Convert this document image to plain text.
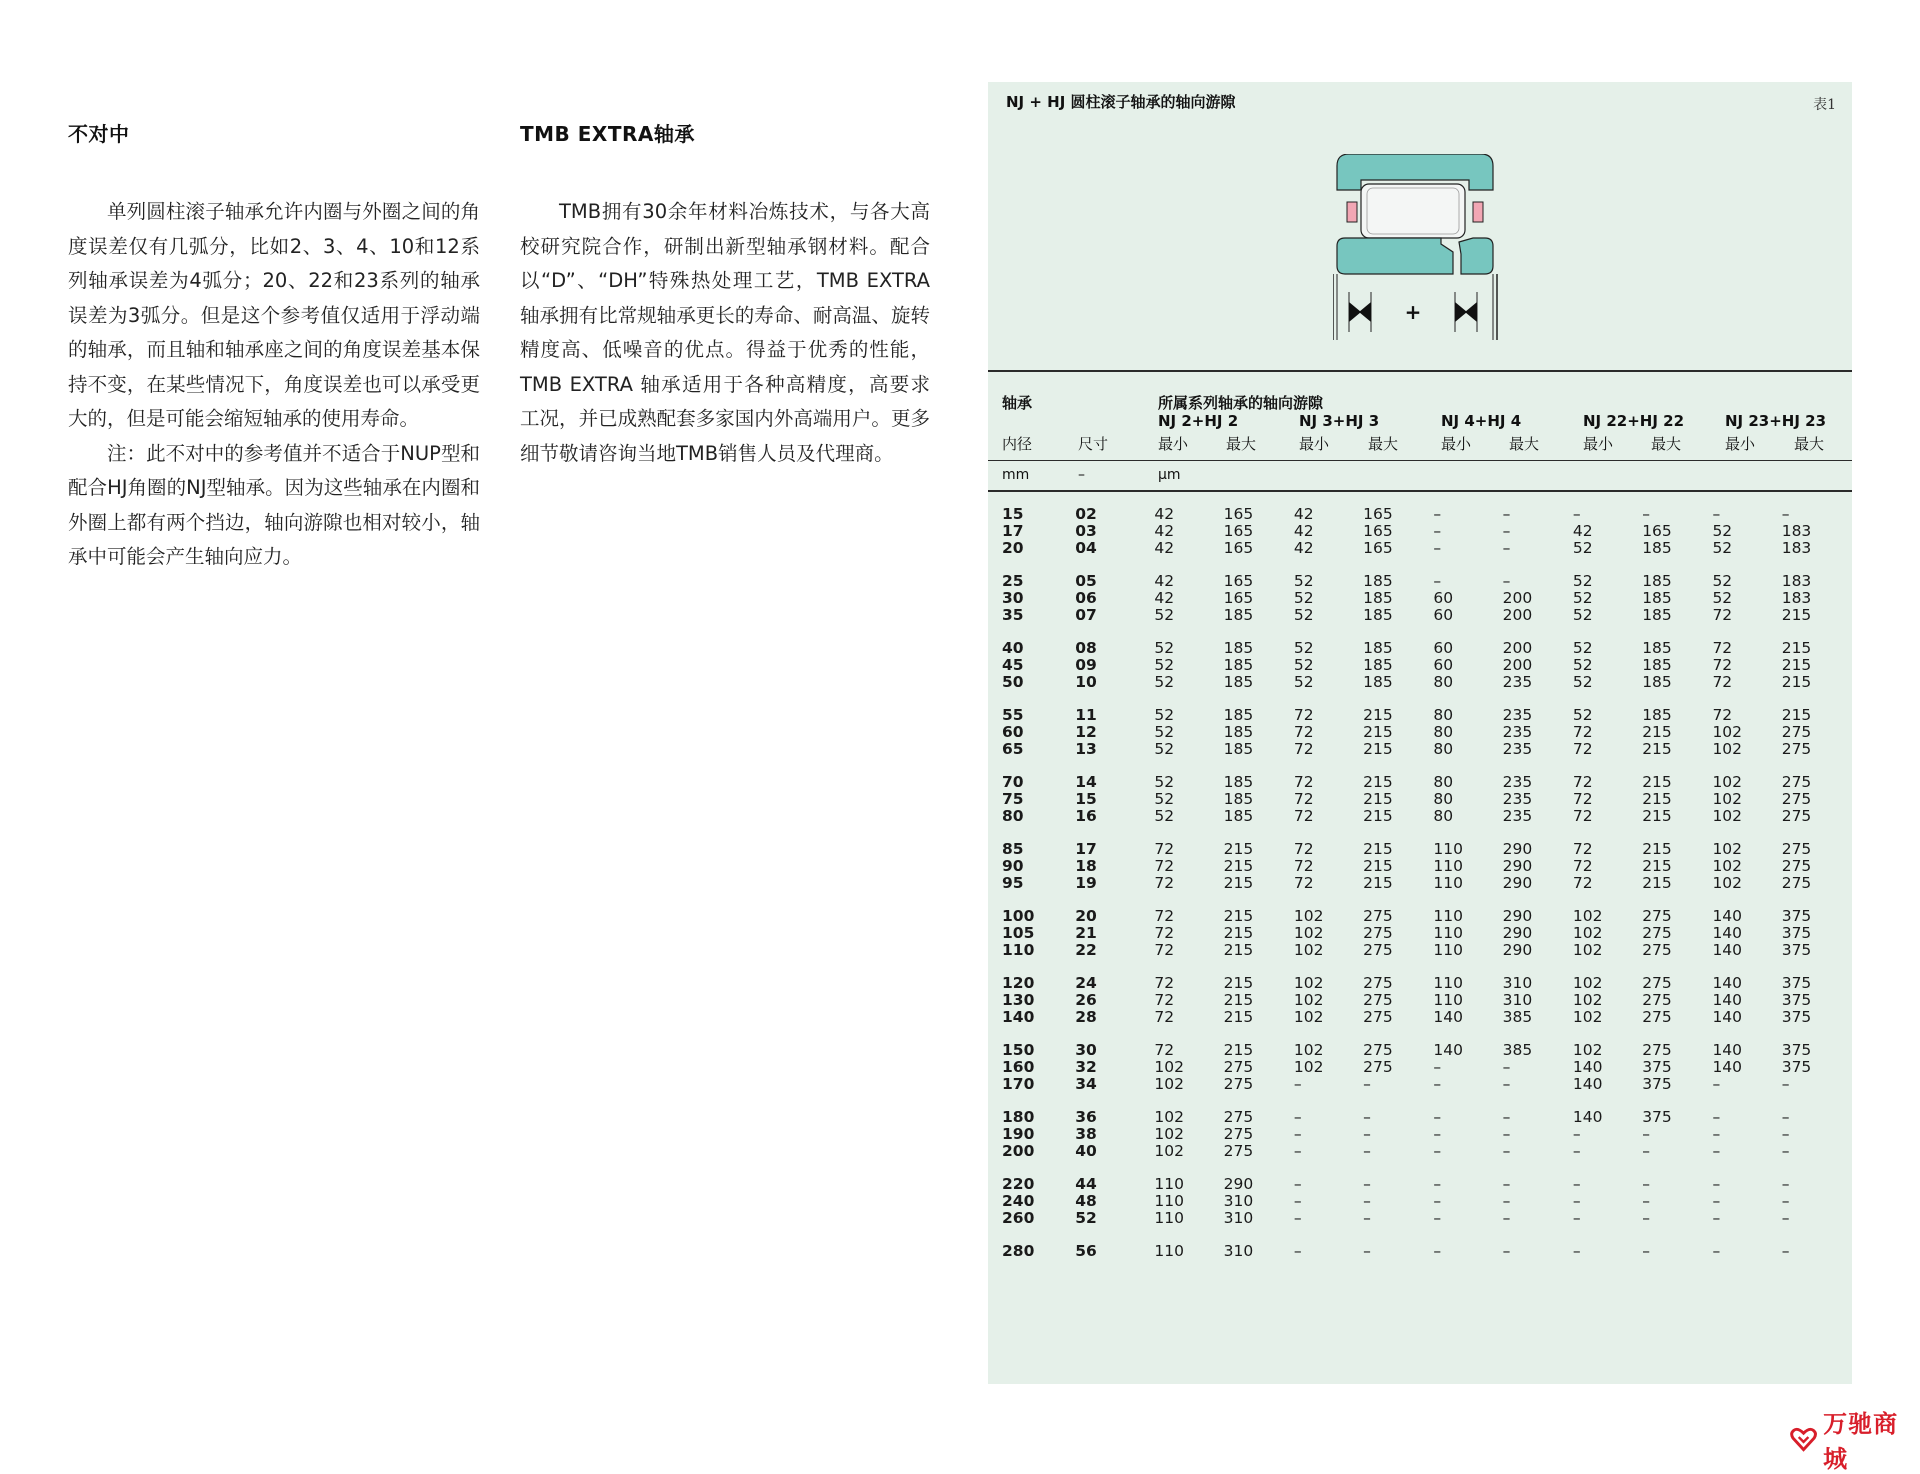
不对中

单列圆柱滚子轴承允许内圈与外圈之间的角度误差仅有几弧分，比如2、3、4、10和12系列轴承误差为4弧分；20、22和23系列的轴承误差为3弧分。但是这个参考值仅适用于浮动端的轴承，而且轴和轴承座之间的角度误差基本保持不变，在某些情况下，角度误差也可以承受更大的，但是可能会缩短轴承的使用寿命。

注：此不对中的参考值并不适合于NUP型和配合HJ角圈的NJ型轴承。因为这些轴承在内圈和外圈上都有两个挡边，轴向游隙也相对较小，轴承中可能会产生轴向应力。

TMB EXTRA轴承

TMB拥有30余年材料冶炼技术，与各大高校研究院合作，研制出新型轴承钢材料。配合以“D”、“DH”特殊热处理工艺，TMB EXTRA 轴承拥有比常规轴承更长的寿命、耐高温、旋转精度高、低噪音的优点。得益于优秀的性能，TMB EXTRA 轴承适用于各种高精度，高要求工况，并已成熟配套多家国内外高端用户。更多细节敬请咨询当地TMB销售人员及代理商。

NJ + HJ 圆柱滚子轴承的轴向游隙	表1
+
轴承	所属系列轴承的轴向游隙
NJ 2+HJ 2	NJ 3+HJ 3	NJ 4+HJ 4	NJ 22+HJ 22	NJ 23+HJ 23
内径	尺寸	最小	最大	最小	最大	最小	最大	最小	最大	最小	最大
mm	–	µm
15	02	42	165	42	165	–	–	–	–	–	–
17	03	42	165	42	165	–	–	42	165	52	183
20	04	42	165	42	165	–	–	52	185	52	183
25	05	42	165	52	185	–	–	52	185	52	183
30	06	42	165	52	185	60	200	52	185	52	183
35	07	52	185	52	185	60	200	52	185	72	215
40	08	52	185	52	185	60	200	52	185	72	215
45	09	52	185	52	185	60	200	52	185	72	215
50	10	52	185	52	185	80	235	52	185	72	215
55	11	52	185	72	215	80	235	52	185	72	215
60	12	52	185	72	215	80	235	72	215	102	275
65	13	52	185	72	215	80	235	72	215	102	275
70	14	52	185	72	215	80	235	72	215	102	275
75	15	52	185	72	215	80	235	72	215	102	275
80	16	52	185	72	215	80	235	72	215	102	275
85	17	72	215	72	215	110	290	72	215	102	275
90	18	72	215	72	215	110	290	72	215	102	275
95	19	72	215	72	215	110	290	72	215	102	275
100	20	72	215	102	275	110	290	102	275	140	375
105	21	72	215	102	275	110	290	102	275	140	375
110	22	72	215	102	275	110	290	102	275	140	375
120	24	72	215	102	275	110	310	102	275	140	375
130	26	72	215	102	275	110	310	102	275	140	375
140	28	72	215	102	275	140	385	102	275	140	375
150	30	72	215	102	275	140	385	102	275	140	375
160	32	102	275	102	275	–	–	140	375	140	375
170	34	102	275	–	–	–	–	140	375	–	–
180	36	102	275	–	–	–	–	140	375	–	–
190	38	102	275	–	–	–	–	–	–	–	–
200	40	102	275	–	–	–	–	–	–	–	–
220	44	110	290	–	–	–	–	–	–	–	–
240	48	110	310	–	–	–	–	–	–	–	–
260	52	110	310	–	–	–	–	–	–	–	–
280	56	110	310	–	–	–	–	–	–	–	–
万驰商城
